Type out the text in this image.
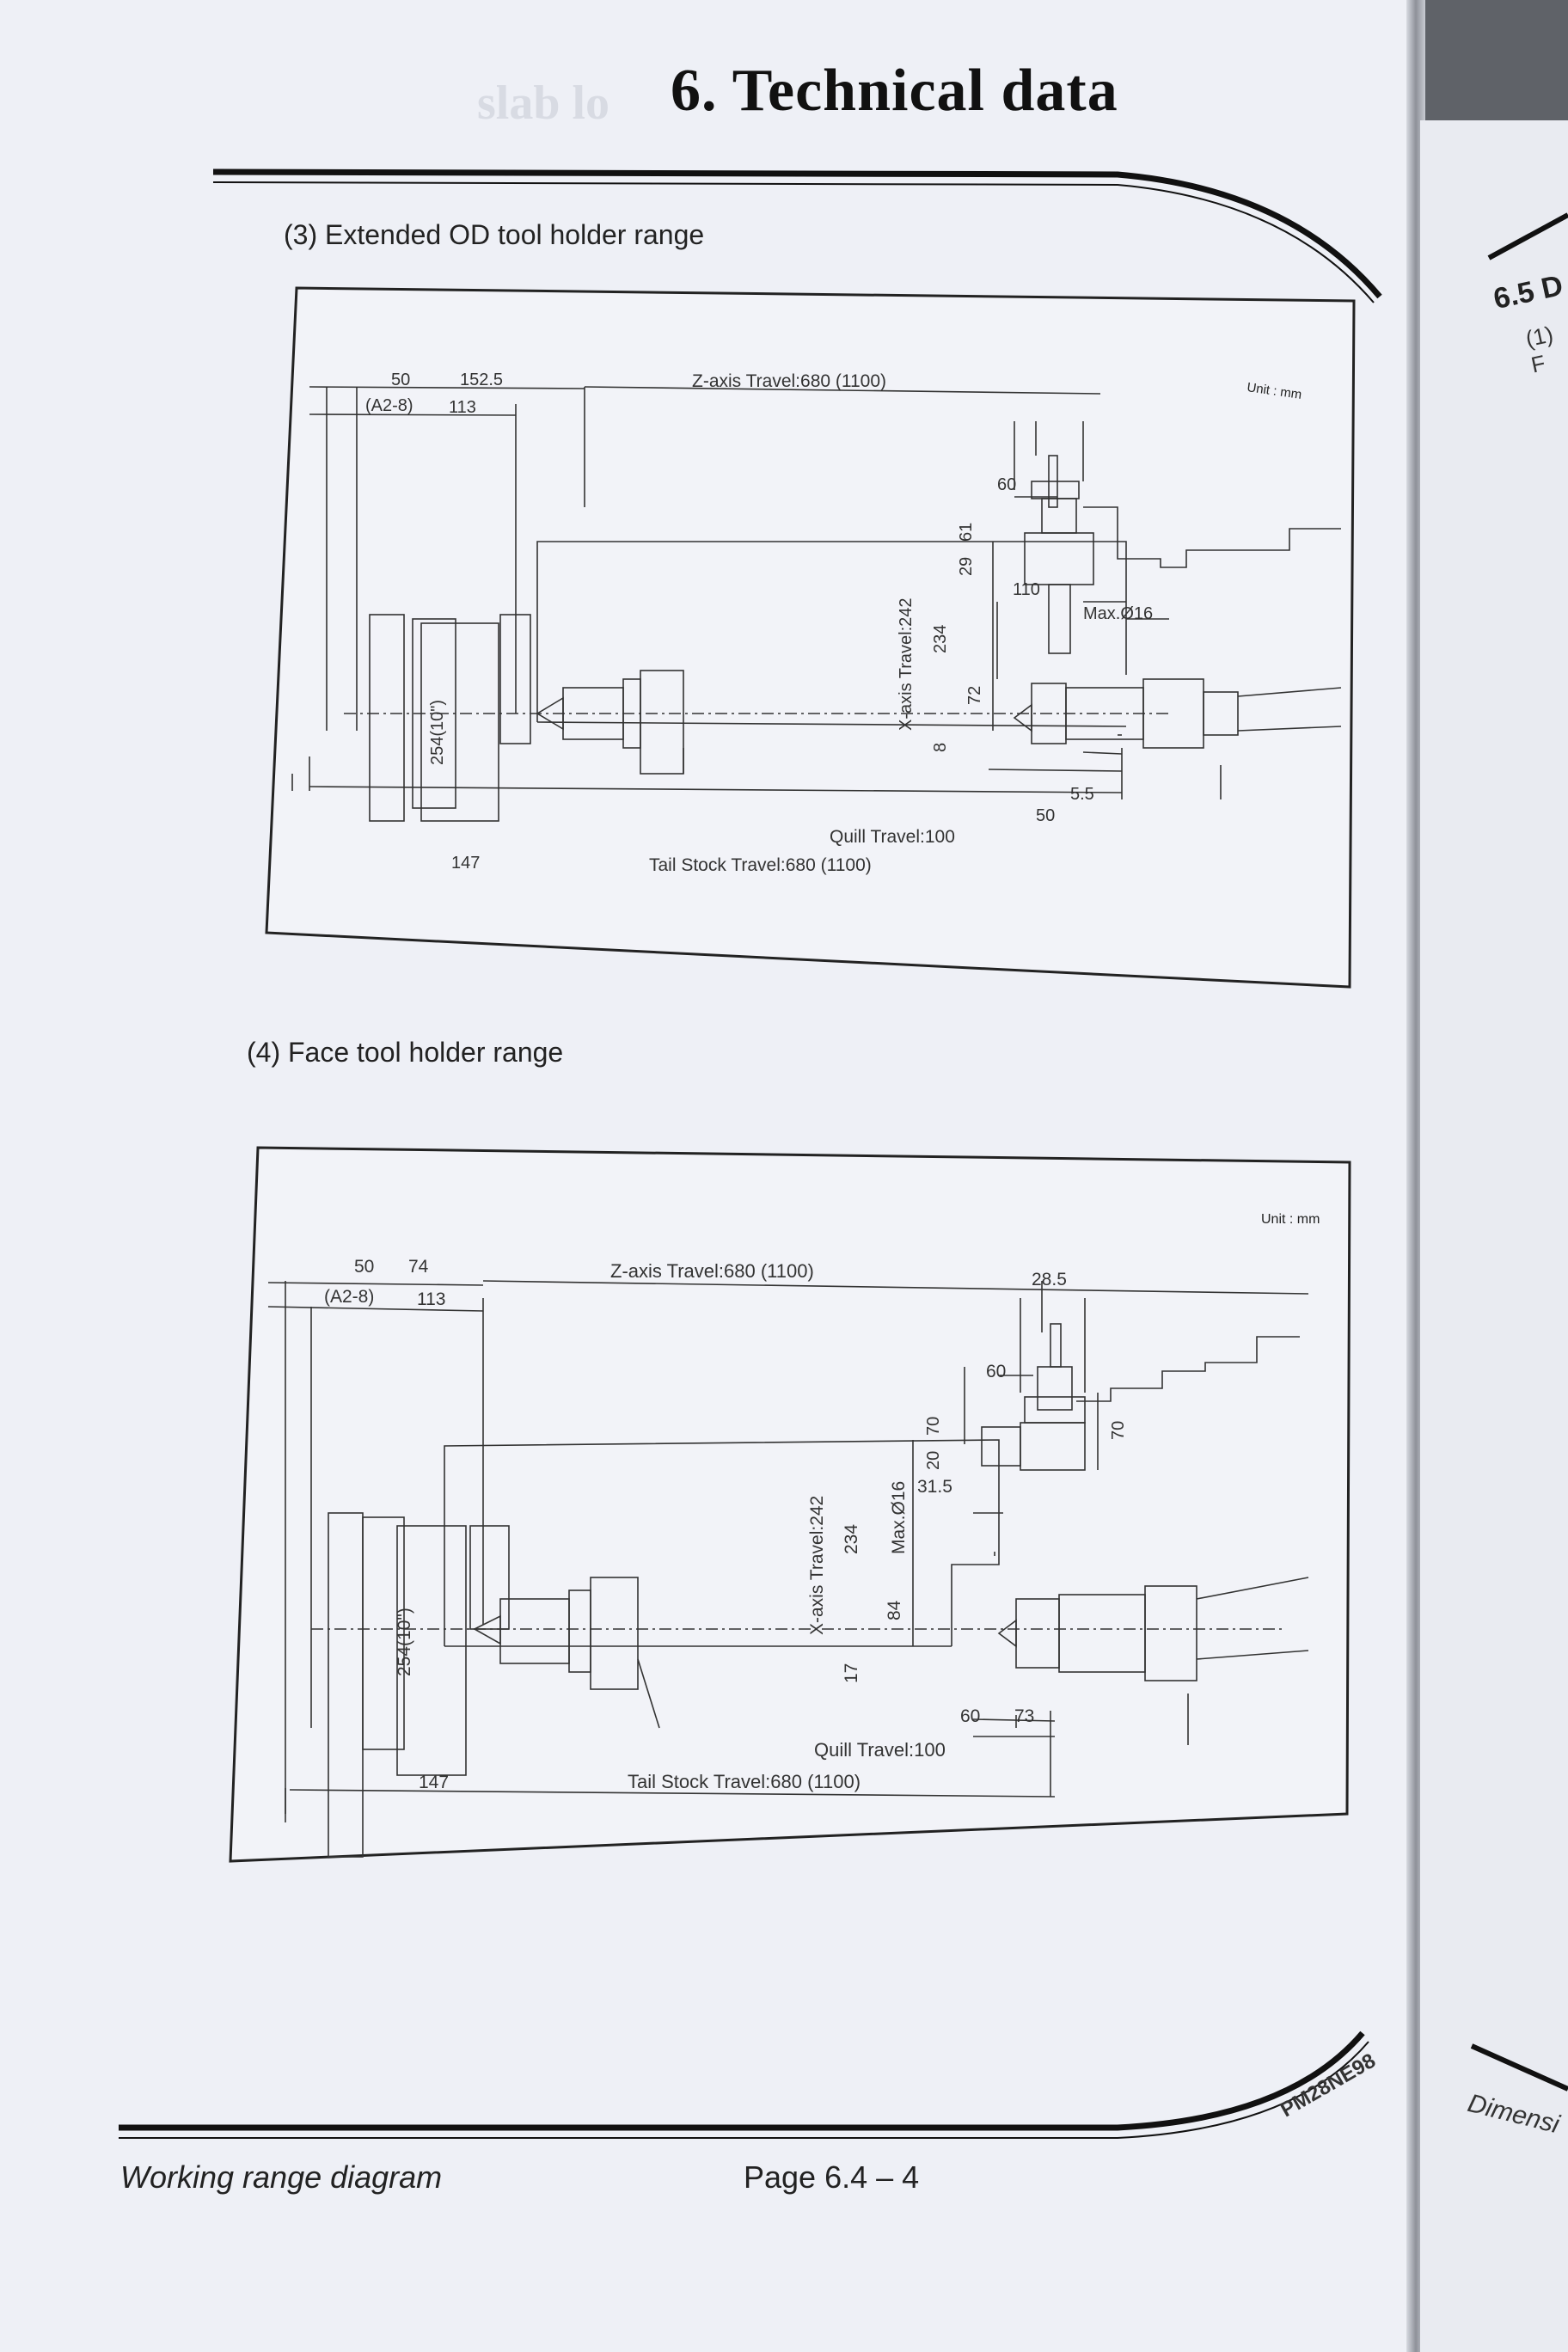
slab lo 6. Technical data
(3) Extended OD tool holder range
Unit : mm
50	152.5
(A2-8) 113
Z-axis Travel:680 (1100)
60
29
61
110
Max.Ø16
X-axis Travel:242 234
72
8
5.5
50
254(10")
Quill Travel:100
147	Tail Stock Travel:680 (1100)
(4) Face tool holder range
Unit : mm
50 74
(A2-8) 113
Z-axis Travel:680 (1100)	28.5
60
70
20
70
31.5
Max.Ø16
X-axis Travel:242 234
84
17
60 73
254(10")
Quill Travel:100
147	Tail Stock Travel:680 (1100)
PM28NE98
Working range diagram	Page 6.4 – 4
6.5 D
(1) F
Dimensi
